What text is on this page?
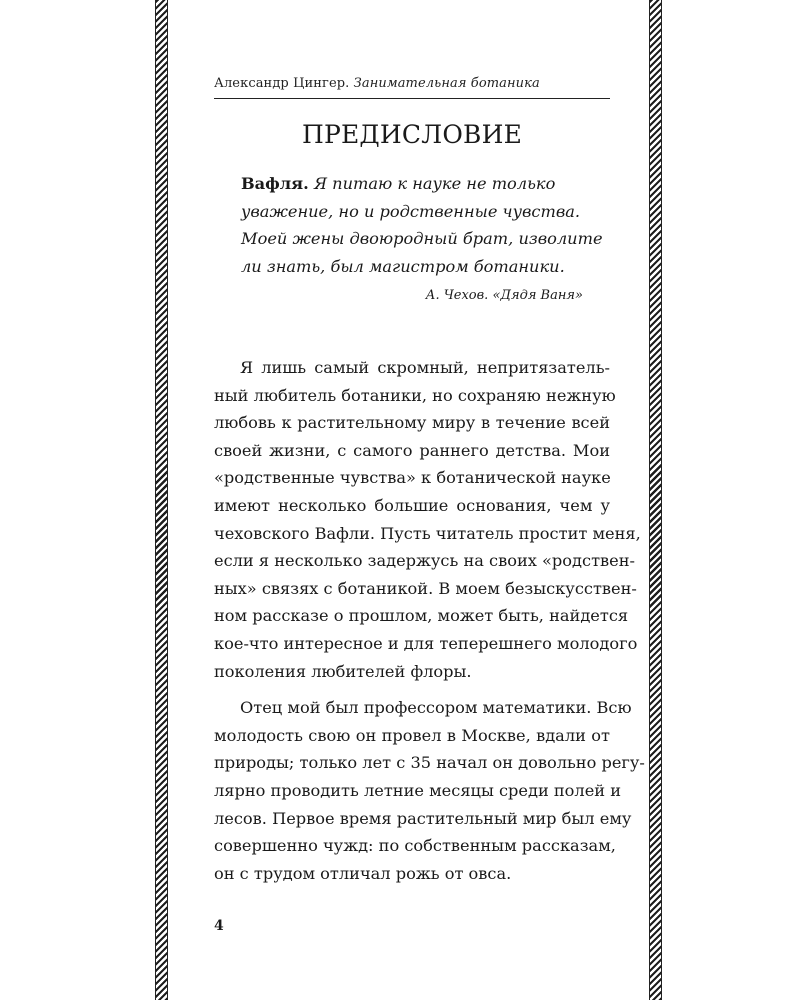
Александр Цингер. Занимательная ботаника
ПРЕДИСЛОВИЕ
Вафля. Я питаю к науке не только
уважение, но и родственные чувства.
Моей жены двоюродный брат, изволите
ли знать, был магистром ботаники.
А. Чехов. «Дядя Ваня»

Я лишь самый скромный, непритязатель-
ный любитель ботаники, но сохраняю нежную
любовь к растительному миру в течение всей
своей жизни, с самого раннего детства. Мои
«родственные чувства» к ботанической науке
имеют несколько большие основания, чем у
чеховского Вафли. Пусть читатель простит меня,
если я несколько задержусь на своих «родствен-
ных» связях с ботаникой. В моем безыскусствен-
ном рассказе о прошлом, может быть, найдется
кое-что интересное и для теперешнего молодого
поколения любителей флоры.

Отец мой был профессором математики. Всю
молодость свою он провел в Москве, вдали от
природы; только лет с 35 начал он довольно регу-
лярно проводить летние месяцы среди полей и
лесов. Первое время растительный мир был ему
совершенно чужд: по собственным рассказам,
он с трудом отличал рожь от овса.

4
